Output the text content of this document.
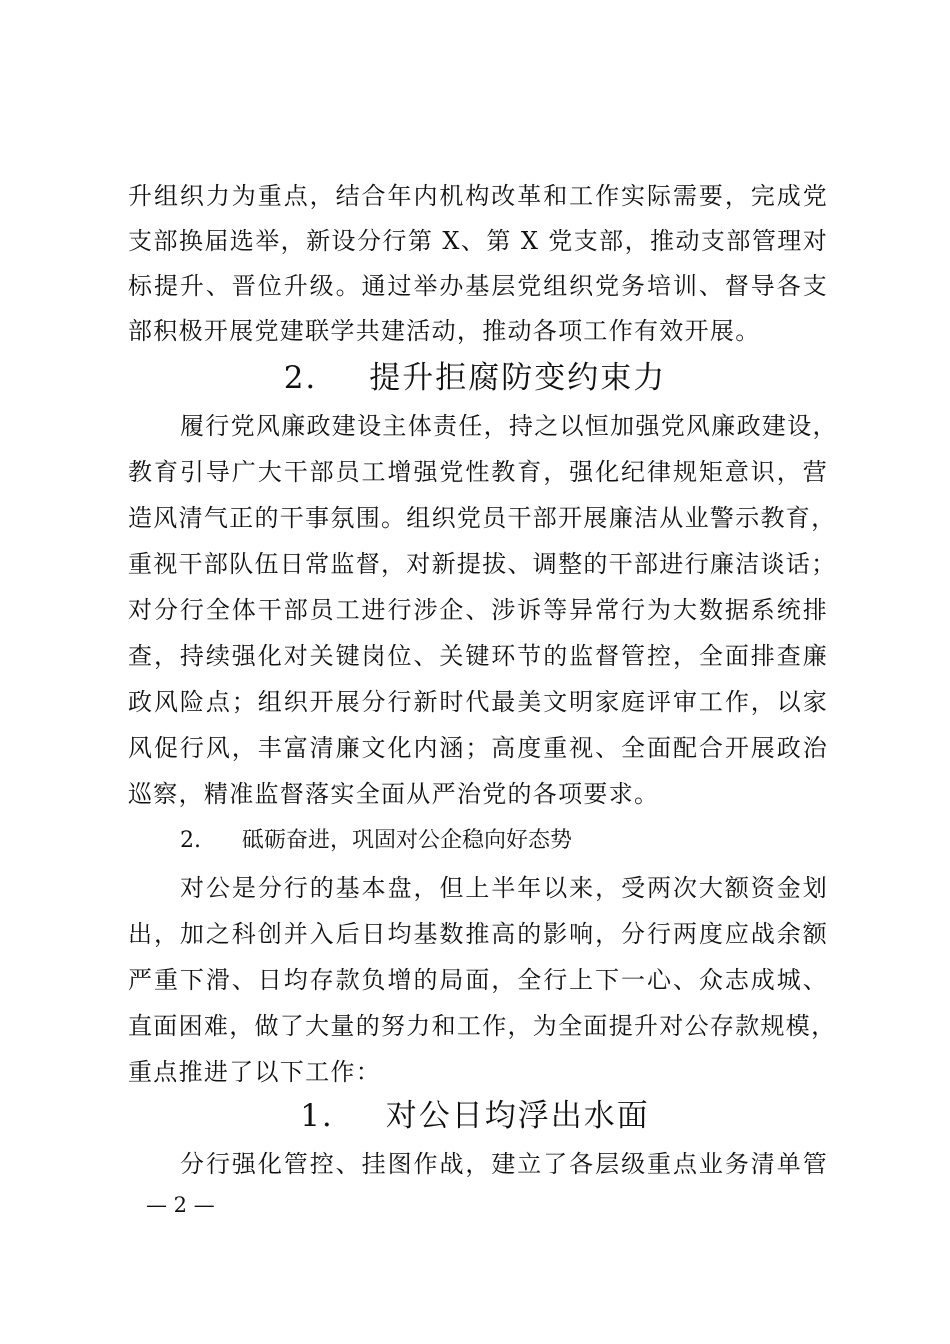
升组织力为重点，结合年内机构改革和工作实际需要，完成党
支部换届选举，新设分行第 X、第 X 党支部，推动支部管理对
标提升、晋位升级。通过举办基层党组织党务培训、督导各支
部积极开展党建联学共建活动，推动各项工作有效开展。
2. 提升拒腐防变约束力
履行党风廉政建设主体责任，持之以恒加强党风廉政建设，
教育引导广大干部员工增强党性教育，强化纪律规矩意识，营
造风清气正的干事氛围。组织党员干部开展廉洁从业警示教育，
重视干部队伍日常监督，对新提拔、调整的干部进行廉洁谈话；
对分行全体干部员工进行涉企、涉诉等异常行为大数据系统排
查，持续强化对关键岗位、关键环节的监督管控，全面排查廉
政风险点；组织开展分行新时代最美文明家庭评审工作，以家
风促行风，丰富清廉文化内涵；高度重视、全面配合开展政治
巡察，精准监督落实全面从严治党的各项要求。
2. 砥砺奋进，巩固对公企稳向好态势
对公是分行的基本盘，但上半年以来，受两次大额资金划
出，加之科创并入后日均基数推高的影响，分行两度应战余额
严重下滑、日均存款负增的局面，全行上下一心、众志成城、
直面困难，做了大量的努力和工作，为全面提升对公存款规模，
重点推进了以下工作：
1. 对公日均浮出水面
分行强化管控、挂图作战，建立了各层级重点业务清单管
— 2 —
